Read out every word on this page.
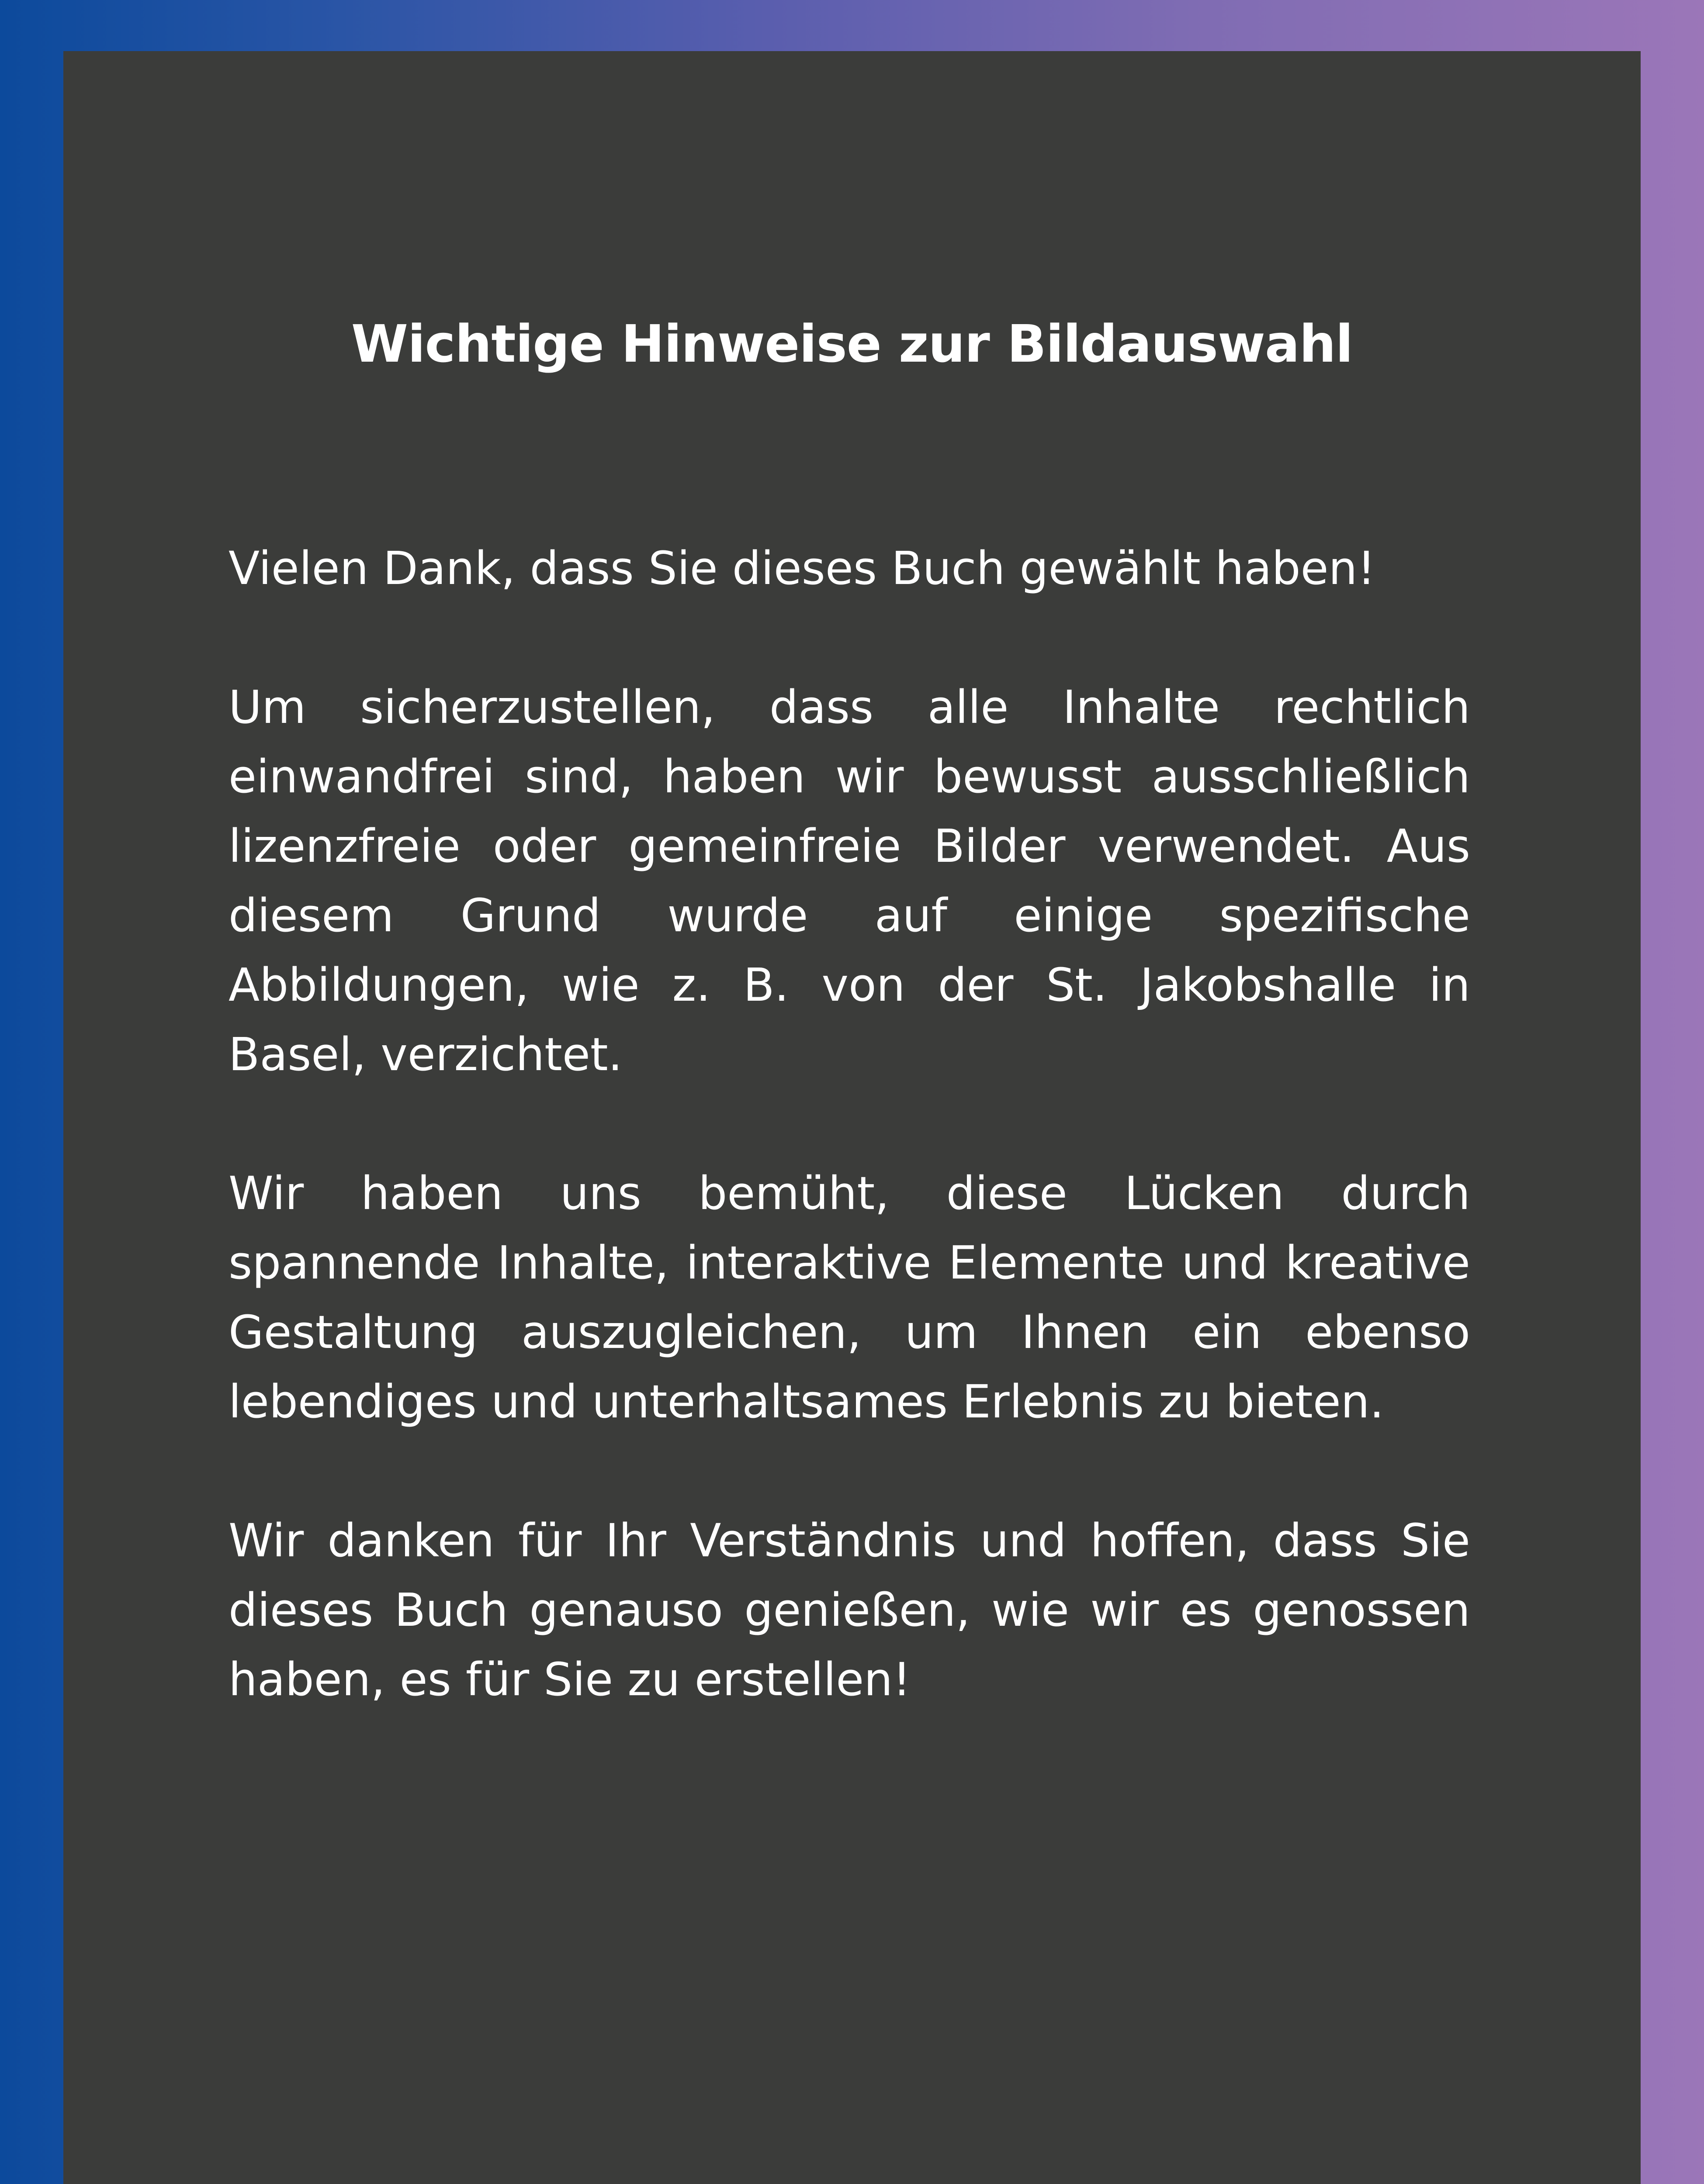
Wichtige Hinweise zur Bildauswahl

Vielen Dank, dass Sie dieses Buch gewählt haben!

Um sicherzustellen, dass alle Inhalte rechtlich einwandfrei sind, haben wir bewusst ausschließlich lizenzfreie oder gemeinfreie Bilder verwendet. Aus diesem Grund wurde auf einige spezifische Abbildungen, wie z. B. von der St. Jakobshalle in Basel, verzichtet.

Wir haben uns bemüht, diese Lücken durch spannende Inhalte, interaktive Elemente und kreative Gestaltung auszugleichen, um Ihnen ein ebenso lebendiges und unterhaltsames Erlebnis zu bieten.

Wir danken für Ihr Verständnis und hoffen, dass Sie dieses Buch genauso genießen, wie wir es genossen haben, es für Sie zu erstellen!
